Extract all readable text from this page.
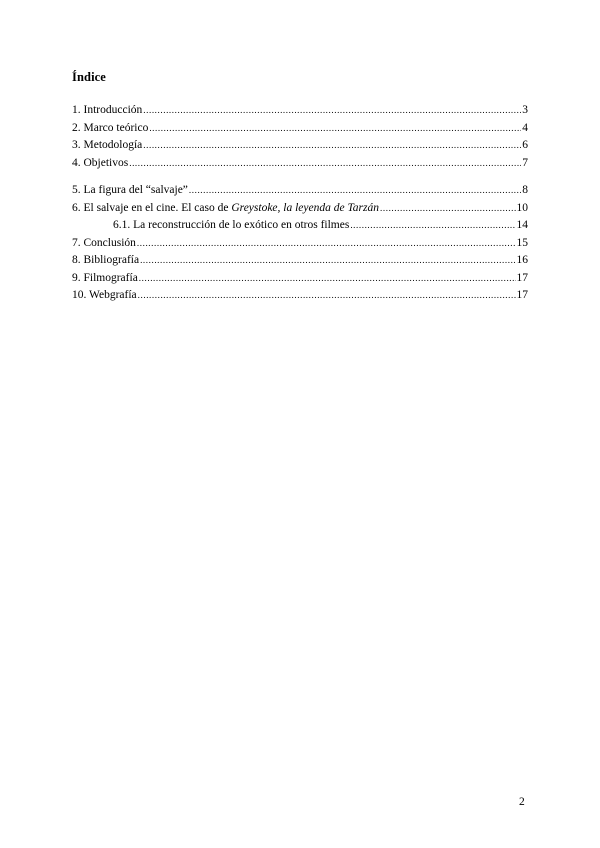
Índice
1. Introducción .....	3
2. Marco teórico .....	4
3. Metodología .....	6
4. Objetivos .....	7
5. La figura del “salvaje” .....	8
6. El salvaje en el cine. El caso de Greystoke, la leyenda de Tarzán .....	10
6.1. La reconstrucción de lo exótico en otros filmes .....	14
7. Conclusión .....	15
8. Bibliografía .....	16
9. Filmografía .....	17
10. Webgrafía .....	17
2
